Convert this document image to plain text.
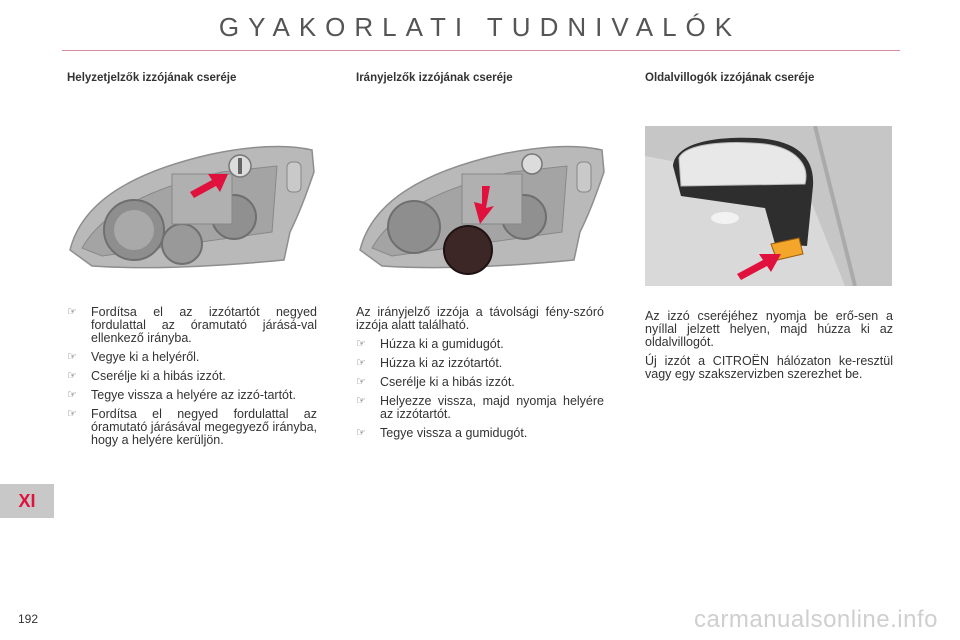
GYAKORLATI TUDNIVALÓK

Helyzetjelzők izzójának cseréje	Irányjelzők izzójának cseréje	Oldalvillogók izzójának cseréje

☞ Fordítsa el az izzótartót negyed fordulattal az óramutató járásá-val ellenkező irányba.
☞ Vegye ki a helyéről.
☞ Cserélje ki a hibás izzót.
☞ Tegye vissza a helyére az izzó-tartót.
☞ Fordítsa el negyed fordulattal az óramutató járásával megegyező irányba, hogy a helyére kerüljön.

Az irányjelző izzója a távolsági fény-szóró izzója alatt található.

☞ Húzza ki a gumidugót.
☞ Húzza ki az izzótartót.
☞ Cserélje ki a hibás izzót.
☞ Helyezze vissza, majd nyomja helyére az izzótartót.
☞ Tegye vissza a gumidugót.

Az izzó cseréjéhez nyomja be erő-sen a nyíllal jelzett helyen, majd húzza ki az oldalvillogót.

Új izzót a CITROËN hálózaton ke-resztül vagy egy szakszervizben szerezhet be.

XI
192	carmanualsonline.info
